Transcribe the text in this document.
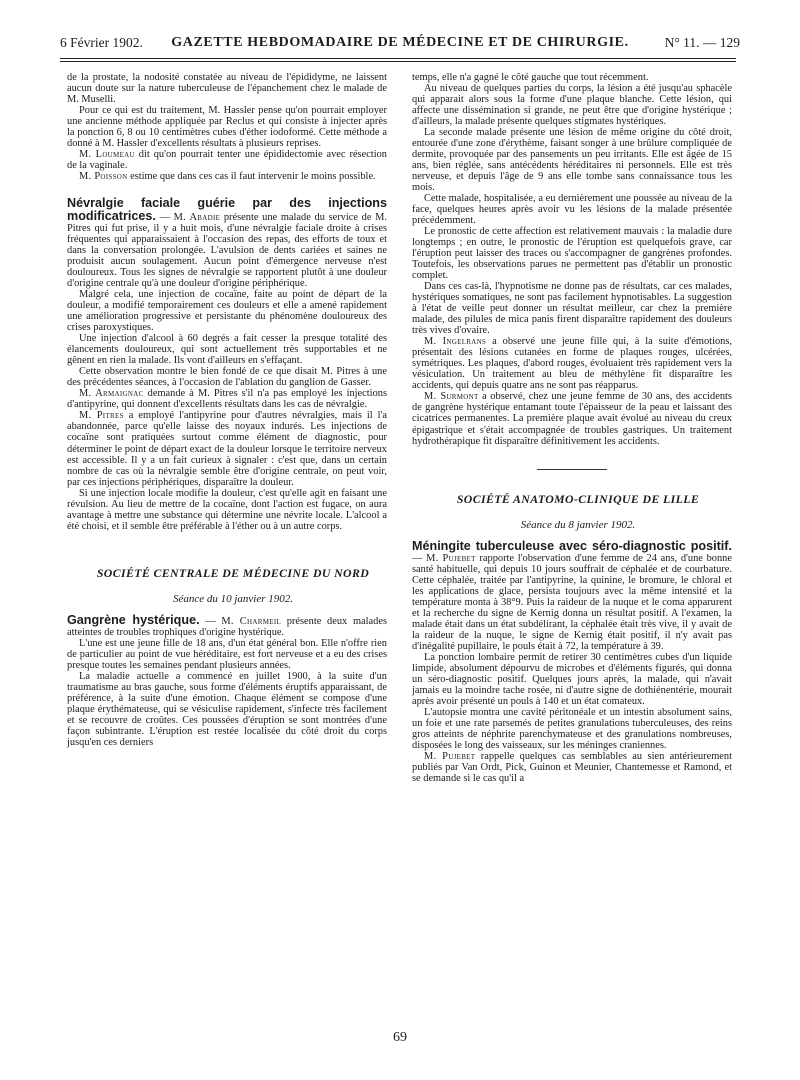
6 Février 1902.	GAZETTE HEBDOMADAIRE DE MÉDECINE ET DE CHIRURGIE.	N° 11. — 129

de la prostate, la nodosité constatée au niveau de l'épididyme, ne laissent aucun doute sur la nature tuberculeuse de l'épanchement chez le malade de M. Muselli.

Pour ce qui est du traitement, M. Hassler pense qu'on pourrait employer une ancienne méthode appliquée par Reclus et qui consiste à injecter après la ponction 6, 8 ou 10 centimètres cubes d'éther iodoformé. Cette méthode a donné à M. Hassler d'excellents résultats à plusieurs reprises.

M. Loumeau dit qu'on pourrait tenter une épididectomie avec résection de la vaginale.

M. Poisson estime que dans ces cas il faut intervenir le moins possible.

Névralgie faciale guérie par des injections modificatrices. — M. Abadie présente une malade du service de M. Pitres qui fut prise, il y a huit mois, d'une névralgie faciale droite à crises fréquentes qui apparaissaient à l'occasion des repas, des efforts de toux et dans la conversation prolongée. L'avulsion de dents cariées et saines ne produisit aucun soulagement. Aucun point d'émergence nerveuse n'est douloureux. Tous les signes de névralgie se rapportent plutôt à une douleur d'origine centrale qu'à une douleur d'origine périphérique.

Malgré cela, une injection de cocaïne, faite au point de départ de la douleur, a modifié temporairement ces douleurs et elle a amené rapidement une amélioration progressive et persistante du phénomène douloureux des crises paroxystiques.

Une injection d'alcool à 60 degrés a fait cesser la presque totalité des élancements douloureux, qui sont actuellement très supportables et ne gênent en rien la malade. Ils vont d'ailleurs en s'effaçant.

Cette observation montre le bien fondé de ce que disait M. Pitres à une des précédentes séances, à l'occasion de l'ablation du ganglion de Gasser.

M. Armaignac demande à M. Pitres s'il n'a pas employé les injections d'antipyrine, qui donnent d'excellents résultats dans les cas de névralgie.

M. Pitres a employé l'antipyrine pour d'autres névralgies, mais il l'a abandonnée, parce qu'elle laisse des noyaux indurés. Les injections de cocaïne sont pratiquées surtout comme élément de diagnostic, pour déterminer le point de départ exact de la douleur lorsque le territoire nerveux est accessible. Il y a un fait curieux à signaler : c'est que, dans un certain nombre de cas où la névralgie semble être d'origine centrale, on peut voir, par ces injections périphériques, disparaître la douleur.

Si une injection locale modifie la douleur, c'est qu'elle agit en faisant une révulsion. Au lieu de mettre de la cocaïne, dont l'action est fugace, on aura avantage à mettre une substance qui détermine une névrite locale. L'alcool a été choisi, et il semble être préférable à l'éther ou à un autre corps.

SOCIÉTÉ CENTRALE DE MÉDECINE DU NORD

Séance du 10 janvier 1902.

Gangrène hystérique. — M. Charmeil présente deux malades atteintes de troubles trophiques d'origine hystérique.

L'une est une jeune fille de 18 ans, d'un état général bon. Elle n'offre rien de particulier au point de vue héréditaire, est fort nerveuse et a eu des crises presque toutes les semaines pendant plusieurs années.

La maladie actuelle a commencé en juillet 1900, à la suite d'un traumatisme au bras gauche, sous forme d'éléments éruptifs apparaissant, de préférence, à la suite d'une émotion. Chaque élément se compose d'une plaque érythémateuse, qui se vésiculise rapidement, s'infecte très facilement et se recouvre de croûtes. Ces poussées d'éruption se sont montrées d'une façon subintrante. L'éruption est restée localisée du côté droit du corps jusqu'en ces derniers

temps, elle n'a gagné le côté gauche que tout récemment.

Au niveau de quelques parties du corps, la lésion a été jusqu'au sphacèle qui apparait alors sous la forme d'une plaque blanche. Cette lésion, qui affecte une dissémination si grande, ne peut être que d'origine hystérique ; d'ailleurs, la malade présente quelques stigmates hystériques.

La seconde malade présente une lésion de même origine du côté droit, entourée d'une zone d'érythème, faisant songer à une brûlure compliquée de dermite, provoquée par des pansements un peu irritants. Elle est âgée de 15 ans, bien réglée, sans antécédents héréditaires ni personnels. Elle est très nerveuse, et depuis l'âge de 9 ans elle tombe sans connaissance tous les mois.

Cette malade, hospitalisée, a eu dernièrement une poussée au niveau de la face, quelques heures après avoir vu les lésions de la malade présentée précédemment.

Le pronostic de cette affection est relativement mauvais : la maladie dure longtemps ; en outre, le pronostic de l'éruption est quelquefois grave, car l'éruption peut laisser des traces ou s'accompagner de gangrènes profondes. Toutefois, les observations parues ne permettent pas d'établir un pronostic complet.

Dans ces cas-là, l'hypnotisme ne donne pas de résultats, car ces malades, hystériques somatiques, ne sont pas facilement hypnotisables. La suggestion à l'état de veille peut donner un résultat meilleur, car chez la première malade, des pilules de mica panis firent disparaître rapidement des douleurs très vives d'ovaire.

M. Ingelrans a observé une jeune fille qui, à la suite d'émotions, présentait des lésions cutanées en forme de plaques rouges, ulcérées, symétriques. Les plaques, d'abord rouges, évoluaient très rapidement vers la vésiculation. Un traitement au bleu de méthylène fit disparaître les accidents, qui depuis quatre ans ne sont pas réapparus.

M. Surmont a observé, chez une jeune femme de 30 ans, des accidents de gangrène hystérique entamant toute l'épaisseur de la peau et laissant des cicatrices permanentes. La première plaque avait évolué au niveau du creux épigastrique et s'était accompagnée de troubles gastriques. Un traitement hydrothérapique fit disparaître définitivement les accidents.

SOCIÉTÉ ANATOMO-CLINIQUE DE LILLE

Séance du 8 janvier 1902.

Méningite tuberculeuse avec séro-diagnostic positif. — M. Pujebet rapporte l'observation d'une femme de 24 ans, d'une bonne santé habituelle, qui depuis 10 jours souffrait de céphalée et de courbature. Cette céphalée, traitée par l'antipyrine, la quinine, le bromure, le chloral et les applications de glace, persista toujours avec la même intensité et la température monta à 38°9. Puis la raideur de la nuque et le coma apparurent et la recherche du signe de Kernig donna un résultat positif. A l'examen, la malade était dans un état subdélirant, la céphalée était très vive, il y avait de la raideur de la nuque, le signe de Kernig était positif, il n'y avait pas d'inégalité pupillaire, le pouls était à 72, la température à 39.

La ponction lombaire permit de retirer 30 centimètres cubes d'un liquide limpide, absolument dépourvu de microbes et d'éléments figurés, qui donna un séro-diagnostic positif. Quelques jours après, la malade, qui n'avait jamais eu la moindre tache rosée, ni d'autre signe de dothiénentérie, mourait après avoir présenté un pouls à 140 et un état comateux.

L'autopsie montra une cavité péritonéale et un intestin absolument sains, un foie et une rate parsemés de petites granulations tuberculeuses, des reins gros atteints de néphrite parenchymateuse et des granulations nombreuses, disposées le long des vaisseaux, sur les méninges craniennes.

M. Pujebet rappelle quelques cas semblables au sien antérieurement publiés par Van Ordt, Pick, Guinon et Meunier, Chantemesse et Ramond, et se demande si le cas qu'il a

69
